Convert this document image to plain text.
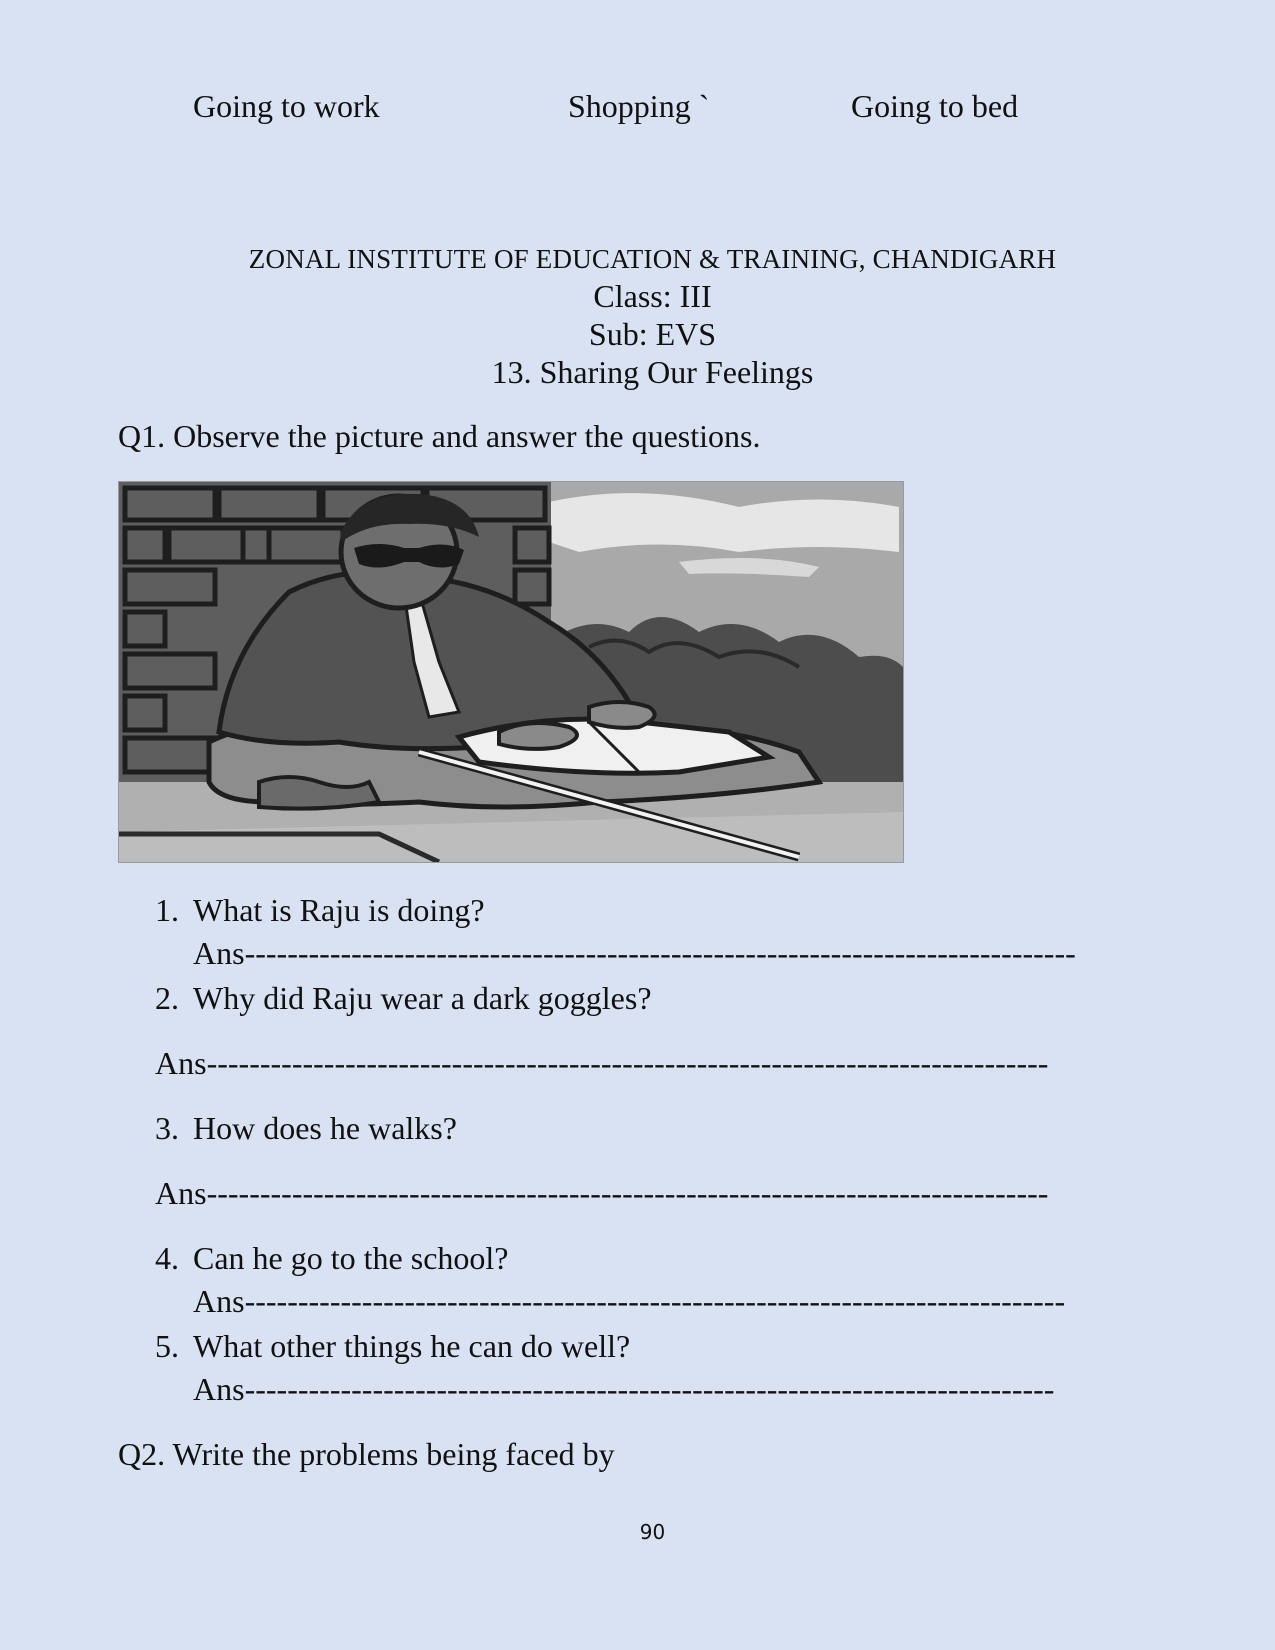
Going to work	Shopping `	Going to bed
ZONAL INSTITUTE OF EDUCATION & TRAINING, CHANDIGARH
Class: III
Sub: EVS
13. Sharing Our Feelings
Q1. Observe the picture and answer the questions.
1. What is Raju is doing?
Ans------------------------------------------------------------------------------
2. Why did Raju wear a dark goggles?
Ans-------------------------------------------------------------------------------
3. How does he walks?
Ans-------------------------------------------------------------------------------
4. Can he go to the school?
Ans-----------------------------------------------------------------------------
5. What other things he can do well?
Ans----------------------------------------------------------------------------
Q2. Write the problems being faced by
90
